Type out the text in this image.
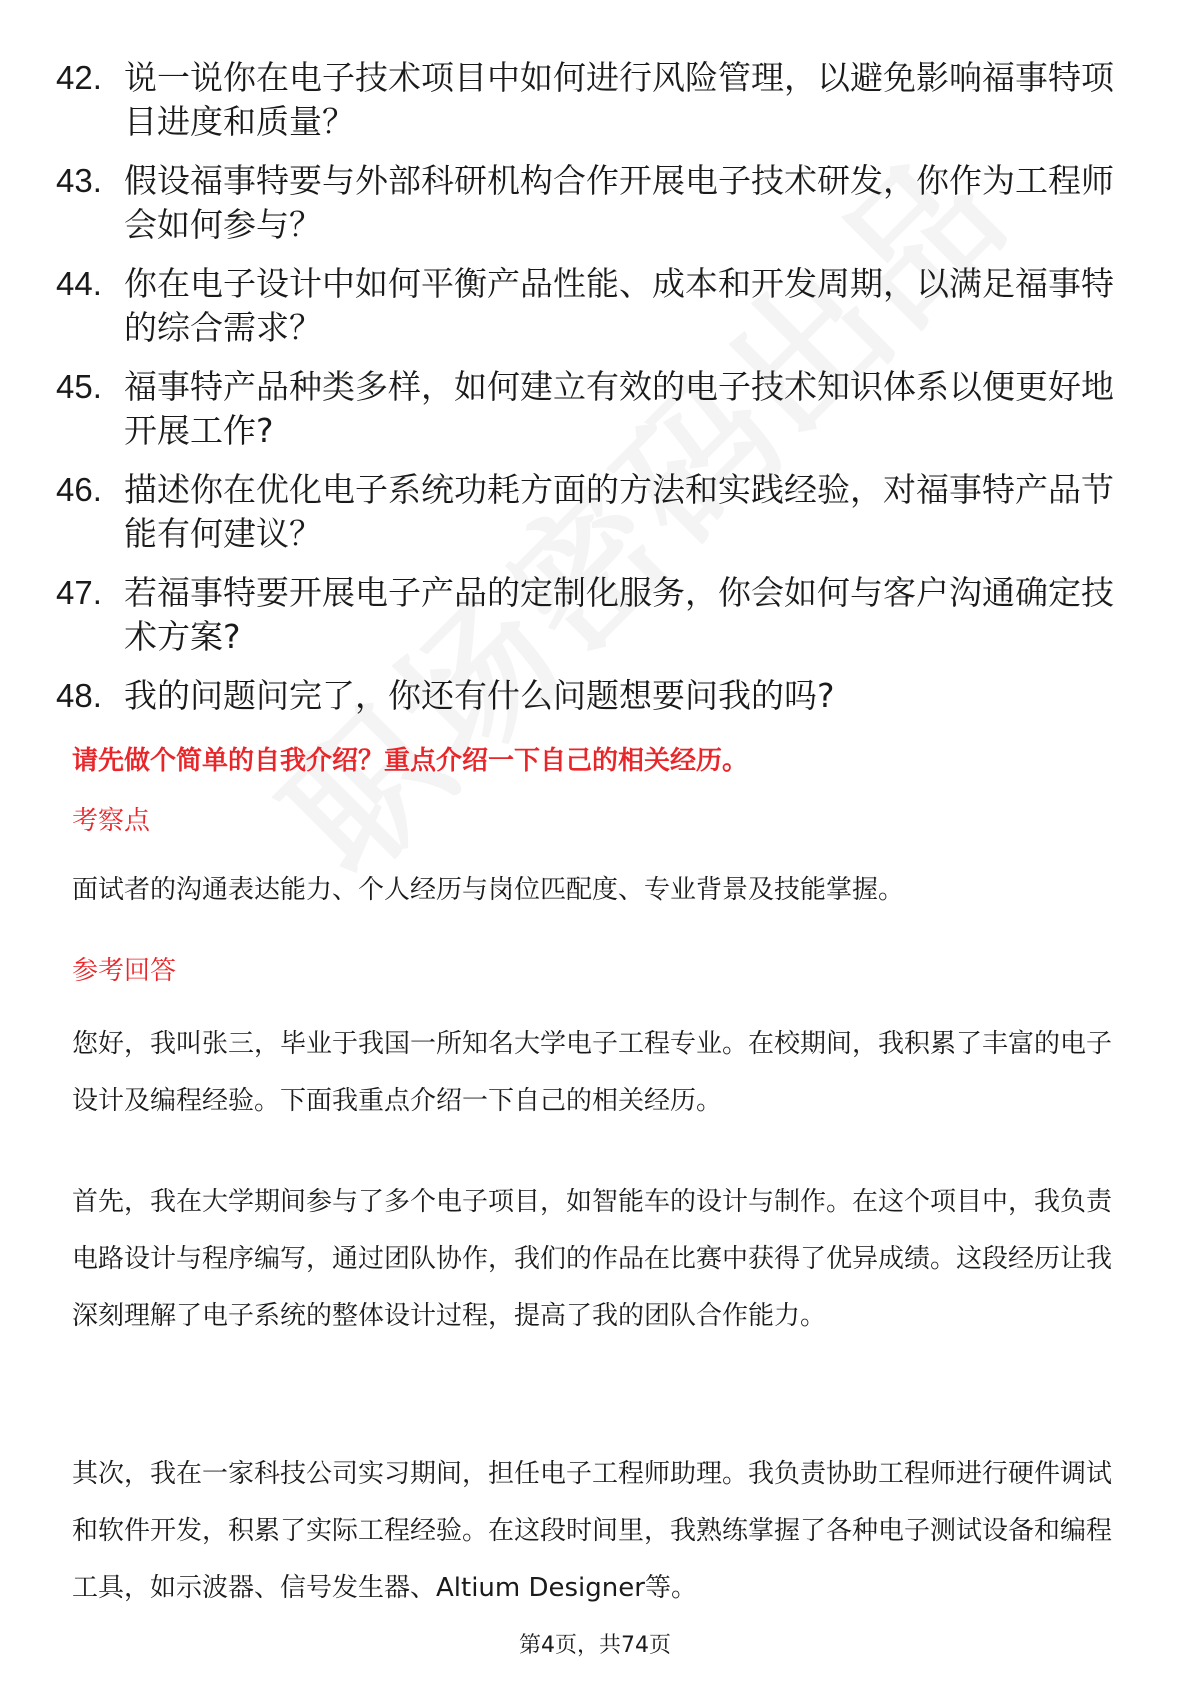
42. 说一说你在电子技术项目中如何进行风险管理，以避免影响福事特项目进度和质量？
43. 假设福事特要与外部科研机构合作开展电子技术研发，你作为工程师会如何参与？
44. 你在电子设计中如何平衡产品性能、成本和开发周期，以满足福事特的综合需求？
45. 福事特产品种类多样，如何建立有效的电子技术知识体系以便更好地开展工作?
46. 描述你在优化电子系统功耗方面的方法和实践经验，对福事特产品节能有何建议？
47. 若福事特要开展电子产品的定制化服务，你会如何与客户沟通确定技术方案?
48. 我的问题问完了，你还有什么问题想要问我的吗?
请先做个简单的自我介绍？重点介绍一下自己的相关经历。
考察点
面试者的沟通表达能力、个人经历与岗位匹配度、专业背景及技能掌握。
参考回答
您好，我叫张三，毕业于我国一所知名大学电子工程专业。在校期间，我积累了丰富的电子设计及编程经验。下面我重点介绍一下自己的相关经历。
首先，我在大学期间参与了多个电子项目，如智能车的设计与制作。在这个项目中，我负责电路设计与程序编写，通过团队协作，我们的作品在比赛中获得了优异成绩。这段经历让我深刻理解了电子系统的整体设计过程，提高了我的团队合作能力。
其次，我在一家科技公司实习期间，担任电子工程师助理。我负责协助工程师进行硬件调试和软件开发，积累了实际工程经验。在这段时间里，我熟练掌握了各种电子测试设备和编程工具，如示波器、信号发生器、Altium Designer等。
第4页，共74页
